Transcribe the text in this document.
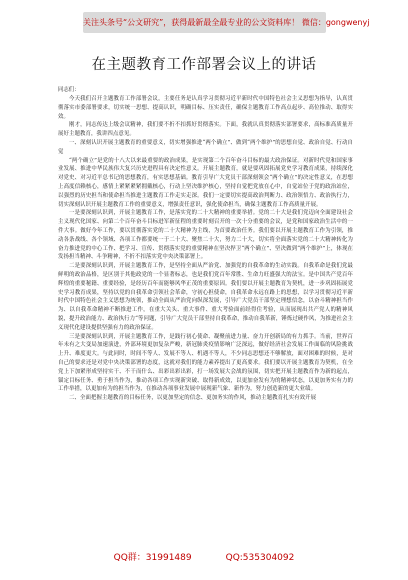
关注头条号“公文研究”，获得最新最全最专业的公文资料库！ 微信：gongwenyj
在主题教育工作部署会议上的讲话
同志们：

今天我们召开主题教育工作部署会议，主要任务是认真学习贯彻习近平新时代中国特色社会主义思想为指导，认真贯彻落实市委部署要求，切实统一思想、提高认识，明确目标、压实责任，确保主题教育工作高点起步、高位推动、取得实效。

刚才，同志传达上级会议精神，我们要不折不扣抓好贯彻落实。下面，我就认真贯彻落实部署要求，高标准高质量开展好主题教育，我讲四点意见。

一、深刻认识开展主题教育的重要意义，切实增强推进“两个确立”、做到“两个维护”的思想自觉、政治自觉、行动自觉

“两个确立”是党的十八大以来最重要的政治成果，是实现第二个百年奋斗目标的最大政治保证。对新时代党和国家事业发展、推进中华民族伟大复兴历史进程具有决定性意义。开展主题教育，就是要巩固拓展党史学习教育成果，持续深化对党史、对习近平总书记的思想教育，有实思想基础。教育引导广大党员干部深刻领会“两个确立”的决定性意义，在思想上高度信赖核心，感情上紧紧紧紧拥戴核心，行动上坚决维护核心，坚持自觉把党放在心中，自觉站位于党的政治站位，以强烈的历史担当和使命担当推进主题教育工作走实走深。我们一定要切实提高政治判断力、政治领悟力、政治执行力，切实深刻认识开展主题教育工作的重要意义，增强责任意识，强化使命担当，确保主题教育工作高质量开展。

一是要深刻认识到，开展主题教育工作，是落实党的二十大精神的重要举措。党的二十大是我们党迈向全面建设社会主义现代化国家、向第二个百年奋斗目标进军新征程的重要时刻召开的一次十分重要的会议，是党和国家政治生活中的一件大事。做好今年工作，要以贯彻落实党的二十大精神为主线，为首要政治任务。我们要以开展主题教育工作为引领，推动各条战线、各个领域、各项工作都要统一于二十大、聚焦二十大，努力二十大，切实将全面落实党的二十大精神转化为奋力推进党的中心工作、把学习、宣传、贯彻落实党的重要精神在坚决捍卫“两个确立”、坚决做到“两个维护”上，体现在发扬担当精神、斗争精神，不折不扣落实党中央决策部署上。

二是要深刻认识到，开展主题教育工作，是坚持全面从严治党、加强党的自我革命的生动实践。自我革命是我们党最鲜明的政治品格，是区别于其他政党的一个显著标志，也是我们党百年常胜、生命力旺盛强大的法宝。是中国共产党百年辉煌的重要秘籍、重要经验，是经历百年而能够风华正茂的重要原因。我们要以开展主题教育为契机，进一步巩固拓展党史学习教育成果，坚持以党的自我革命引领社会革命，守初心担使命，自我革命永远在路上的思想，以学习贯彻习近平新时代中国特色社会主义思想为统领，推动全面从严治党向纵深发展，引导广大党员干部坚定理想信念，以奋斗精神担当作为、以自我革命精神不断推进工作，在重大关头、重大事件、重大考验面前经得住考验，从而展现出共产党人的精神风貌，提升政治能力、政治执行力“等问题，引导广大党员干部坚持自我革命，推动自我革新，锤炼过硬作风，为推进社会主义现代化建设提供坚强有力的政治保证。

三是要深刻认识到，开展主题教育工作，是践行初心使命、凝聚前进力量、奋力开创新局的有力抓手。当前，世界百年未有之大变局加速演进，外部环境更加复杂严峻，新冠肺炎疫情影响广泛深远，做好经济社会发展工作面临的风险挑战上升、难度更大。与此同时，时间不等人、发展不等人、机遇不等人，不少同志思想还不够解放，面对困难的时候，是对自己的要求还是对党中央决策部署的态度，这就对我们的能力素养提出了更高要求。我们要以开展主题教育为契机，在全党上下加紧形成坚持实干、不干而什么、出彩出彩出彩，打一场发展大会战的氛围，切实把开展主题教育作为新的起点，锚定目标任务、勇于担当作为，推动各项工作实现新突破、取得新成效，以更加奋发有为的精神状态，以更加务实有力的工作举措，以更加有为的担当作为，在推动各项事业发展中展现新气象、新作为，努力创造新的更大业绩。

二、全面把握主题教育的目标任务，以更加坚定的信念、更加务实的作风，推动主题教育扎实有效开展

QQ群：31991489	QQ:535304092
